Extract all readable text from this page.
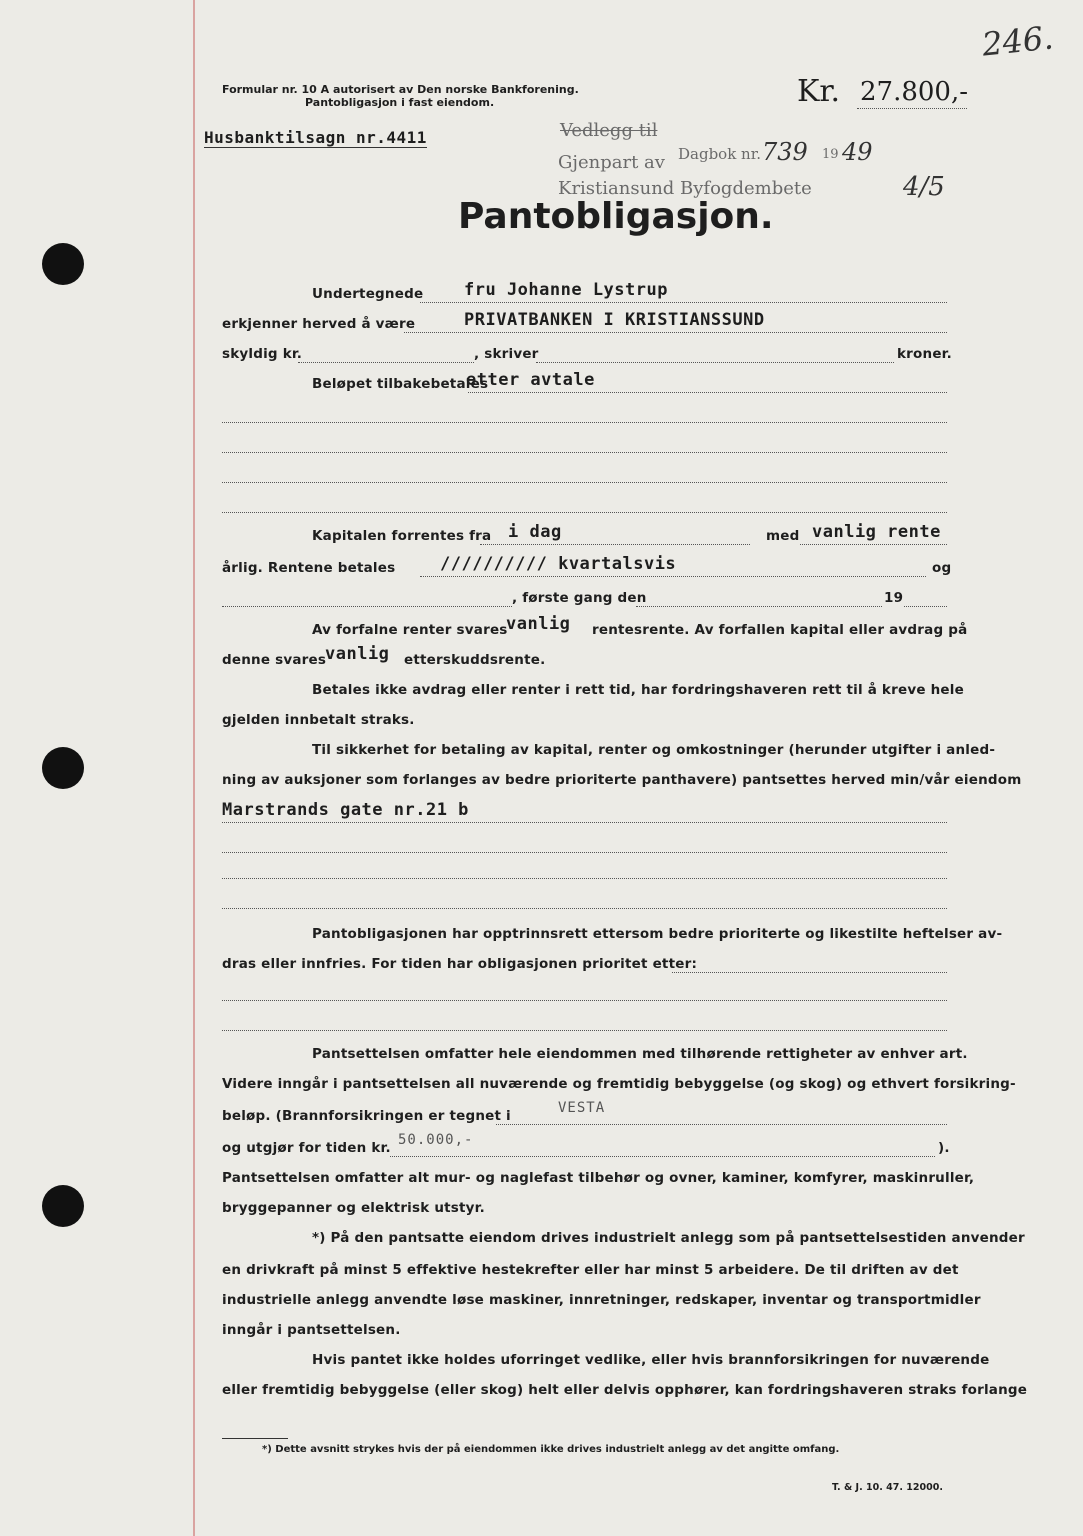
246.
Formular nr. 10 A autorisert av Den norske Bankforening.
Pantobligasjon i fast eiendom.	Kr. 27.800,-
Husbanktilsagn nr.4411	Vedlegg til
Dagbok nr. 739 19 49
Gjenpart av
Kristiansund Byfogdembete	4/5
Pantobligasjon.
Undertegnede fru Johanne Lystrup
erkjenner herved å være	PRIVATBANKEN I KRISTIANSSUND
skyldig kr.	, skriver	kroner.
Beløpet tilbakebetales
etter avtale
Kapitalen forrentes fra i dag	med vanlig rente
årlig. Rentene betales	////////// kvartalsvis	og
, første gang den	19
Av forfalne renter svares
vanlig rentesrente. Av forfallen kapital eller avdrag på
denne svares
vanlig etterskuddsrente.
Betales ikke avdrag eller renter i rett tid, har fordringshaveren rett til å kreve hele
gjelden innbetalt straks.
Til sikkerhet for betaling av kapital, renter og omkostninger (herunder utgifter i anled-
ning av auksjoner som forlanges av bedre prioriterte panthavere) pantsettes herved min/vår eiendom
Marstrands gate nr.21 b
Pantobligasjonen har opptrinnsrett ettersom bedre prioriterte og likestilte heftelser av-
dras eller innfries. For tiden har obligasjonen prioritet etter:
Pantsettelsen omfatter hele eiendommen med tilhørende rettigheter av enhver art.
Videre inngår i pantsettelsen all nuværende og fremtidig bebyggelse (og skog) og ethvert forsikring-
beløp. (Brannforsikringen er tegnet i	VESTA
og utgjør for tiden kr. 50.000,-	).
Pantsettelsen omfatter alt mur- og naglefast tilbehør og ovner, kaminer, komfyrer, maskinruller,
bryggepanner og elektrisk utstyr.
*) På den pantsatte eiendom drives industrielt anlegg som på pantsettelsestiden anvender
en drivkraft på minst 5 effektive hestekrefter eller har minst 5 arbeidere. De til driften av det
industrielle anlegg anvendte løse maskiner, innretninger, redskaper, inventar og transportmidler
inngår i pantsettelsen.
Hvis pantet ikke holdes uforringet vedlike, eller hvis brannforsikringen for nuværende
eller fremtidig bebyggelse (eller skog) helt eller delvis opphører, kan fordringshaveren straks forlange
*) Dette avsnitt strykes hvis der på eiendommen ikke drives industrielt anlegg av det angitte omfang.
T. & J. 10. 47. 12000.
